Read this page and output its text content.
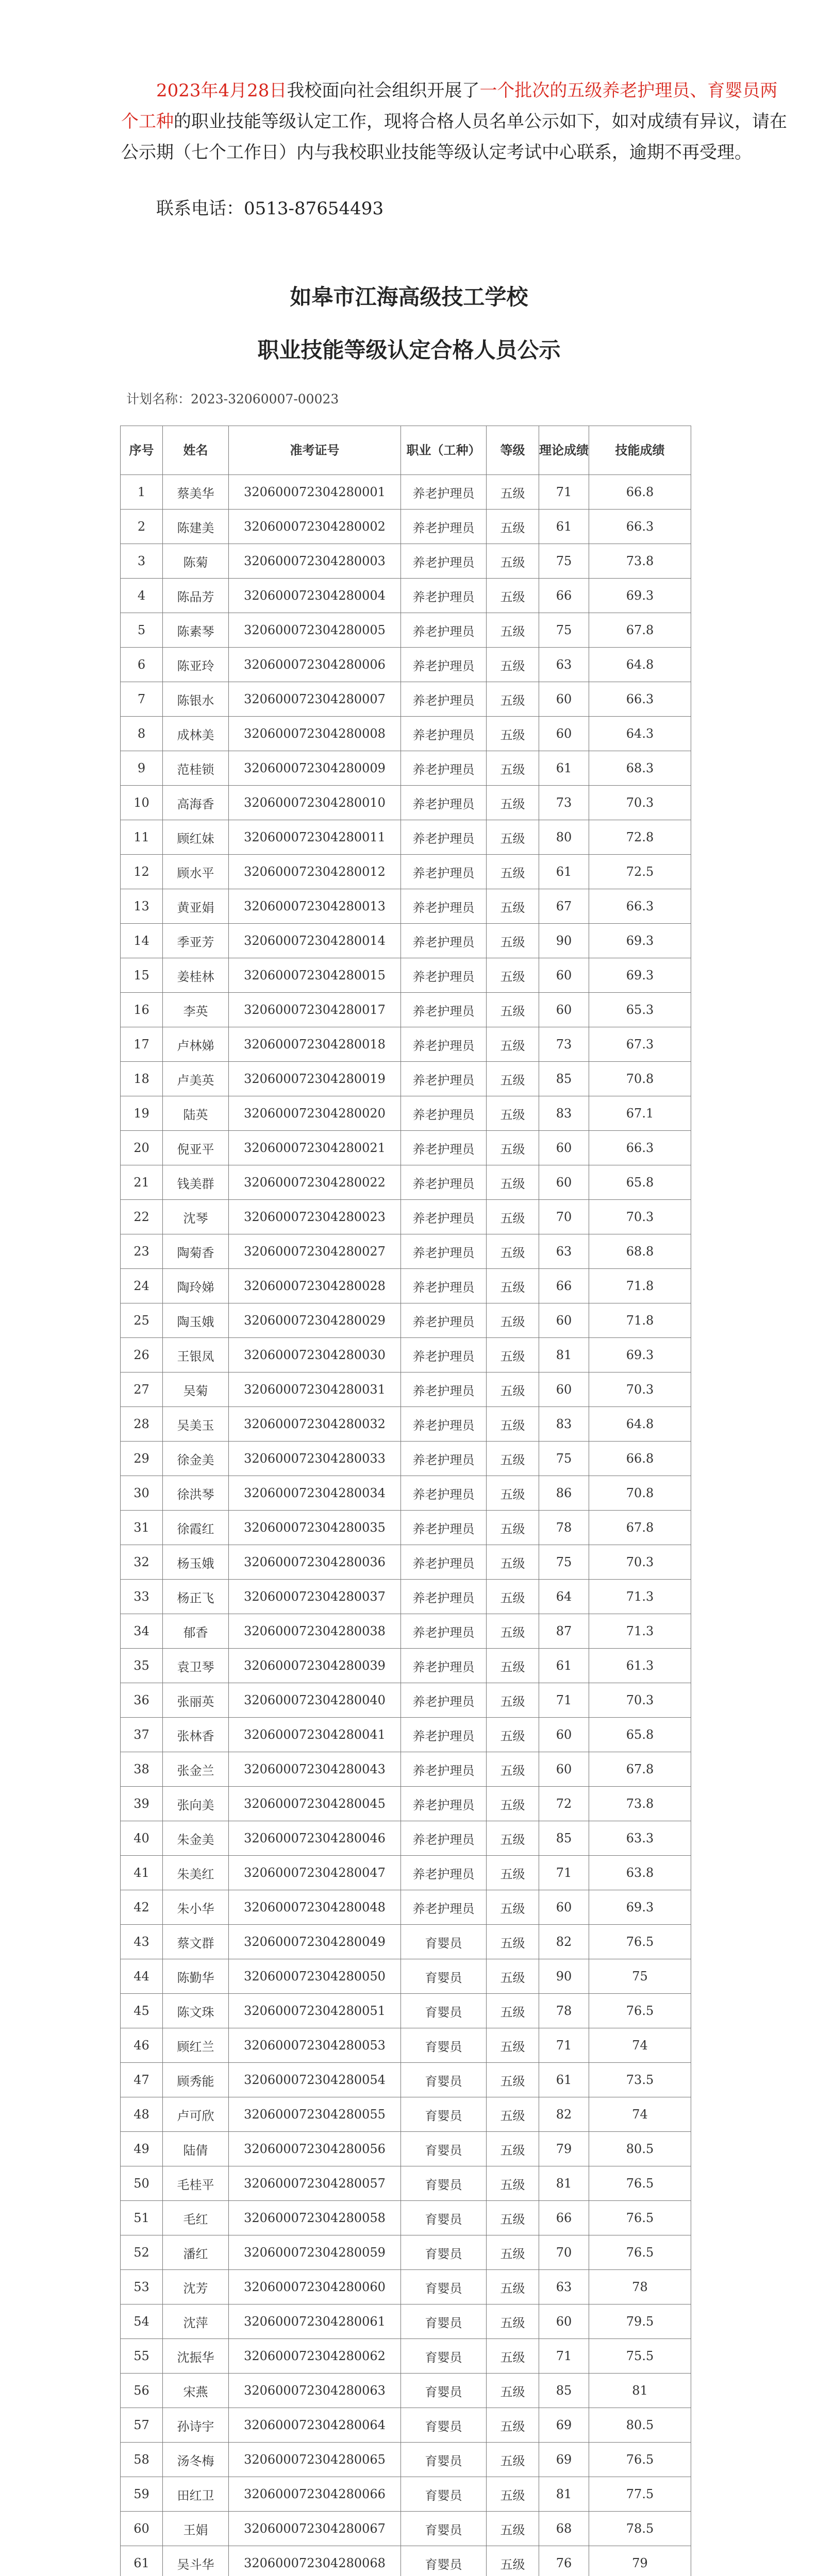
2023年4月28日我校面向社会组织开展了一个批次的五级养老护理员、育婴员两个工种的职业技能等级认定工作，现将合格人员名单公示如下，如对成绩有异议，请在公示期（七个工作日）内与我校职业技能等级认定考试中心联系，逾期不再受理。

联系电话：0513-87654493
如皋市江海高级技工学校
职业技能等级认定合格人员公示
计划名称：2023-32060007-00023
序号	姓名	准考证号	职业（工种）	等级	理论成绩	技能成绩
1	蔡美华	320600072304280001	养老护理员	五级	71	66.8
2	陈建美	320600072304280002	养老护理员	五级	61	66.3
3	陈菊	320600072304280003	养老护理员	五级	75	73.8
4	陈品芳	320600072304280004	养老护理员	五级	66	69.3
5	陈素琴	320600072304280005	养老护理员	五级	75	67.8
6	陈亚玲	320600072304280006	养老护理员	五级	63	64.8
7	陈银水	320600072304280007	养老护理员	五级	60	66.3
8	成林美	320600072304280008	养老护理员	五级	60	64.3
9	范桂锁	320600072304280009	养老护理员	五级	61	68.3
10	高海香	320600072304280010	养老护理员	五级	73	70.3
11	顾红妹	320600072304280011	养老护理员	五级	80	72.8
12	顾水平	320600072304280012	养老护理员	五级	61	72.5
13	黄亚娟	320600072304280013	养老护理员	五级	67	66.3
14	季亚芳	320600072304280014	养老护理员	五级	90	69.3
15	姜桂林	320600072304280015	养老护理员	五级	60	69.3
16	李英	320600072304280017	养老护理员	五级	60	65.3
17	卢林娣	320600072304280018	养老护理员	五级	73	67.3
18	卢美英	320600072304280019	养老护理员	五级	85	70.8
19	陆英	320600072304280020	养老护理员	五级	83	67.1
20	倪亚平	320600072304280021	养老护理员	五级	60	66.3
21	钱美群	320600072304280022	养老护理员	五级	60	65.8
22	沈琴	320600072304280023	养老护理员	五级	70	70.3
23	陶菊香	320600072304280027	养老护理员	五级	63	68.8
24	陶玲娣	320600072304280028	养老护理员	五级	66	71.8
25	陶玉娥	320600072304280029	养老护理员	五级	60	71.8
26	王银凤	320600072304280030	养老护理员	五级	81	69.3
27	吴菊	320600072304280031	养老护理员	五级	60	70.3
28	吴美玉	320600072304280032	养老护理员	五级	83	64.8
29	徐金美	320600072304280033	养老护理员	五级	75	66.8
30	徐洪琴	320600072304280034	养老护理员	五级	86	70.8
31	徐霞红	320600072304280035	养老护理员	五级	78	67.8
32	杨玉娥	320600072304280036	养老护理员	五级	75	70.3
33	杨正飞	320600072304280037	养老护理员	五级	64	71.3
34	郁香	320600072304280038	养老护理员	五级	87	71.3
35	袁卫琴	320600072304280039	养老护理员	五级	61	61.3
36	张丽英	320600072304280040	养老护理员	五级	71	70.3
37	张林香	320600072304280041	养老护理员	五级	60	65.8
38	张金兰	320600072304280043	养老护理员	五级	60	67.8
39	张向美	320600072304280045	养老护理员	五级	72	73.8
40	朱金美	320600072304280046	养老护理员	五级	85	63.3
41	朱美红	320600072304280047	养老护理员	五级	71	63.8
42	朱小华	320600072304280048	养老护理员	五级	60	69.3
43	蔡文群	320600072304280049	育婴员	五级	82	76.5
44	陈勤华	320600072304280050	育婴员	五级	90	75
45	陈文珠	320600072304280051	育婴员	五级	78	76.5
46	顾红兰	320600072304280053	育婴员	五级	71	74
47	顾秀能	320600072304280054	育婴员	五级	61	73.5
48	卢可欣	320600072304280055	育婴员	五级	82	74
49	陆倩	320600072304280056	育婴员	五级	79	80.5
50	毛桂平	320600072304280057	育婴员	五级	81	76.5
51	毛红	320600072304280058	育婴员	五级	66	76.5
52	潘红	320600072304280059	育婴员	五级	70	76.5
53	沈芳	320600072304280060	育婴员	五级	63	78
54	沈萍	320600072304280061	育婴员	五级	60	79.5
55	沈振华	320600072304280062	育婴员	五级	71	75.5
56	宋燕	320600072304280063	育婴员	五级	85	81
57	孙诗宇	320600072304280064	育婴员	五级	69	80.5
58	汤冬梅	320600072304280065	育婴员	五级	69	76.5
59	田红卫	320600072304280066	育婴员	五级	81	77.5
60	王娟	320600072304280067	育婴员	五级	68	78.5
61	吴斗华	320600072304280068	育婴员	五级	76	79
